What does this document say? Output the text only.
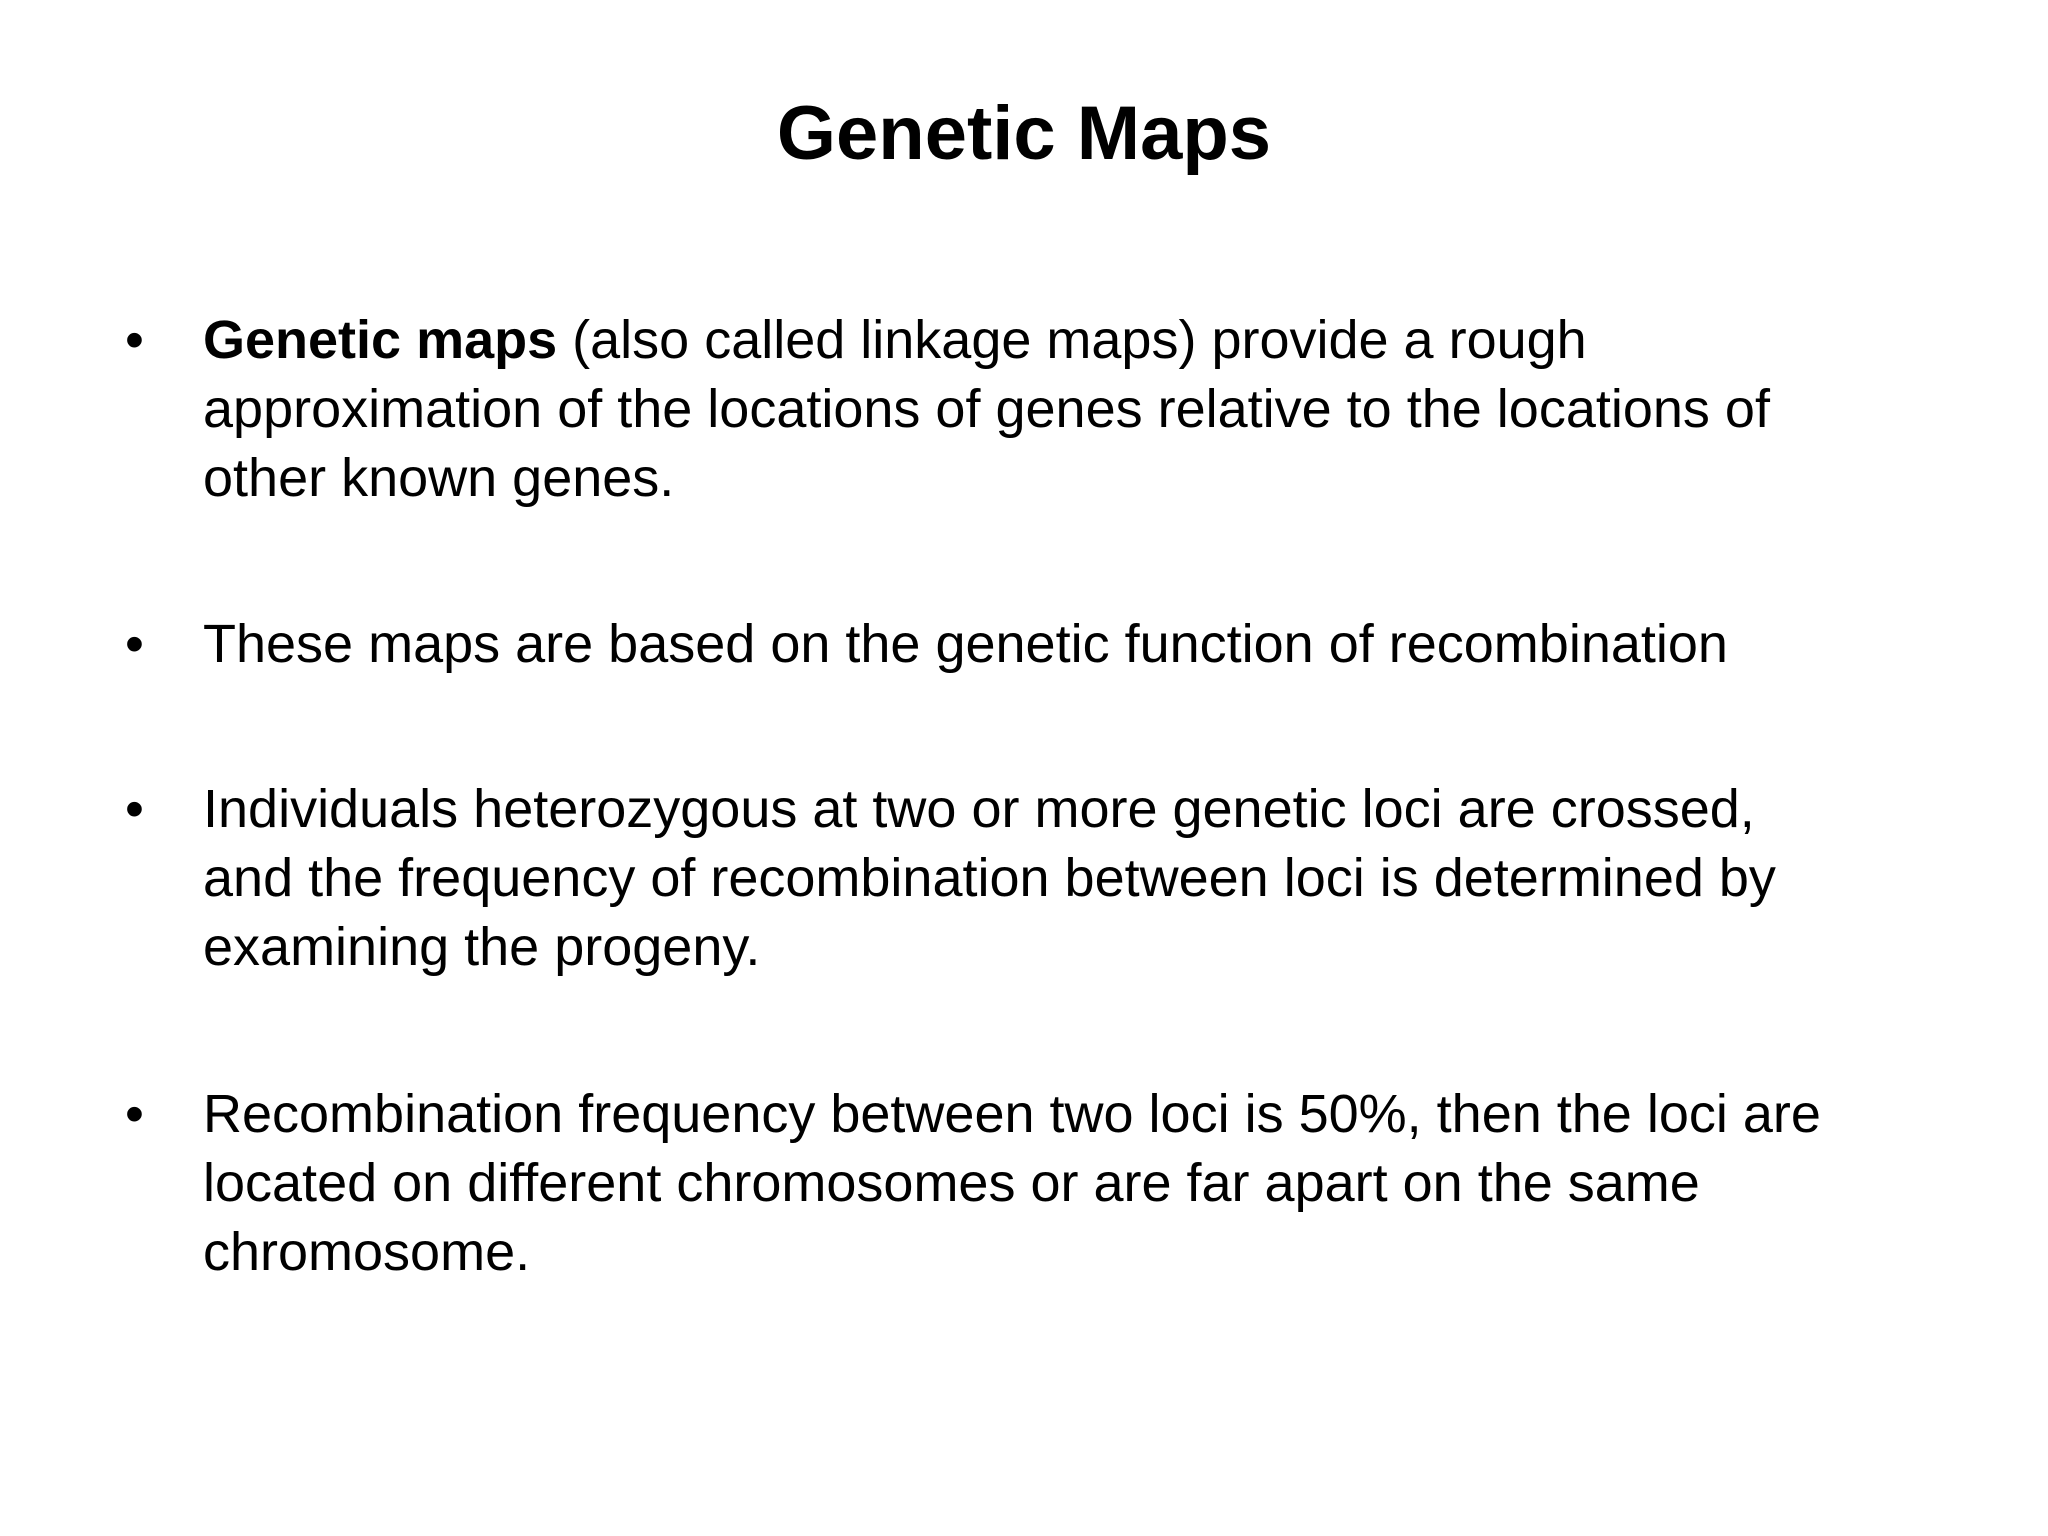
Genetic Maps
• Genetic maps (also called linkage maps) provide a rough
approximation of the locations of genes relative to the locations of
other known genes.
• These maps are based on the genetic function of recombination
• Individuals heterozygous at two or more genetic loci are crossed,
and the frequency of recombination between loci is determined by
examining the progeny.
• Recombination frequency between two loci is 50%, then the loci are
located on different chromosomes or are far apart on the same
chromosome.
